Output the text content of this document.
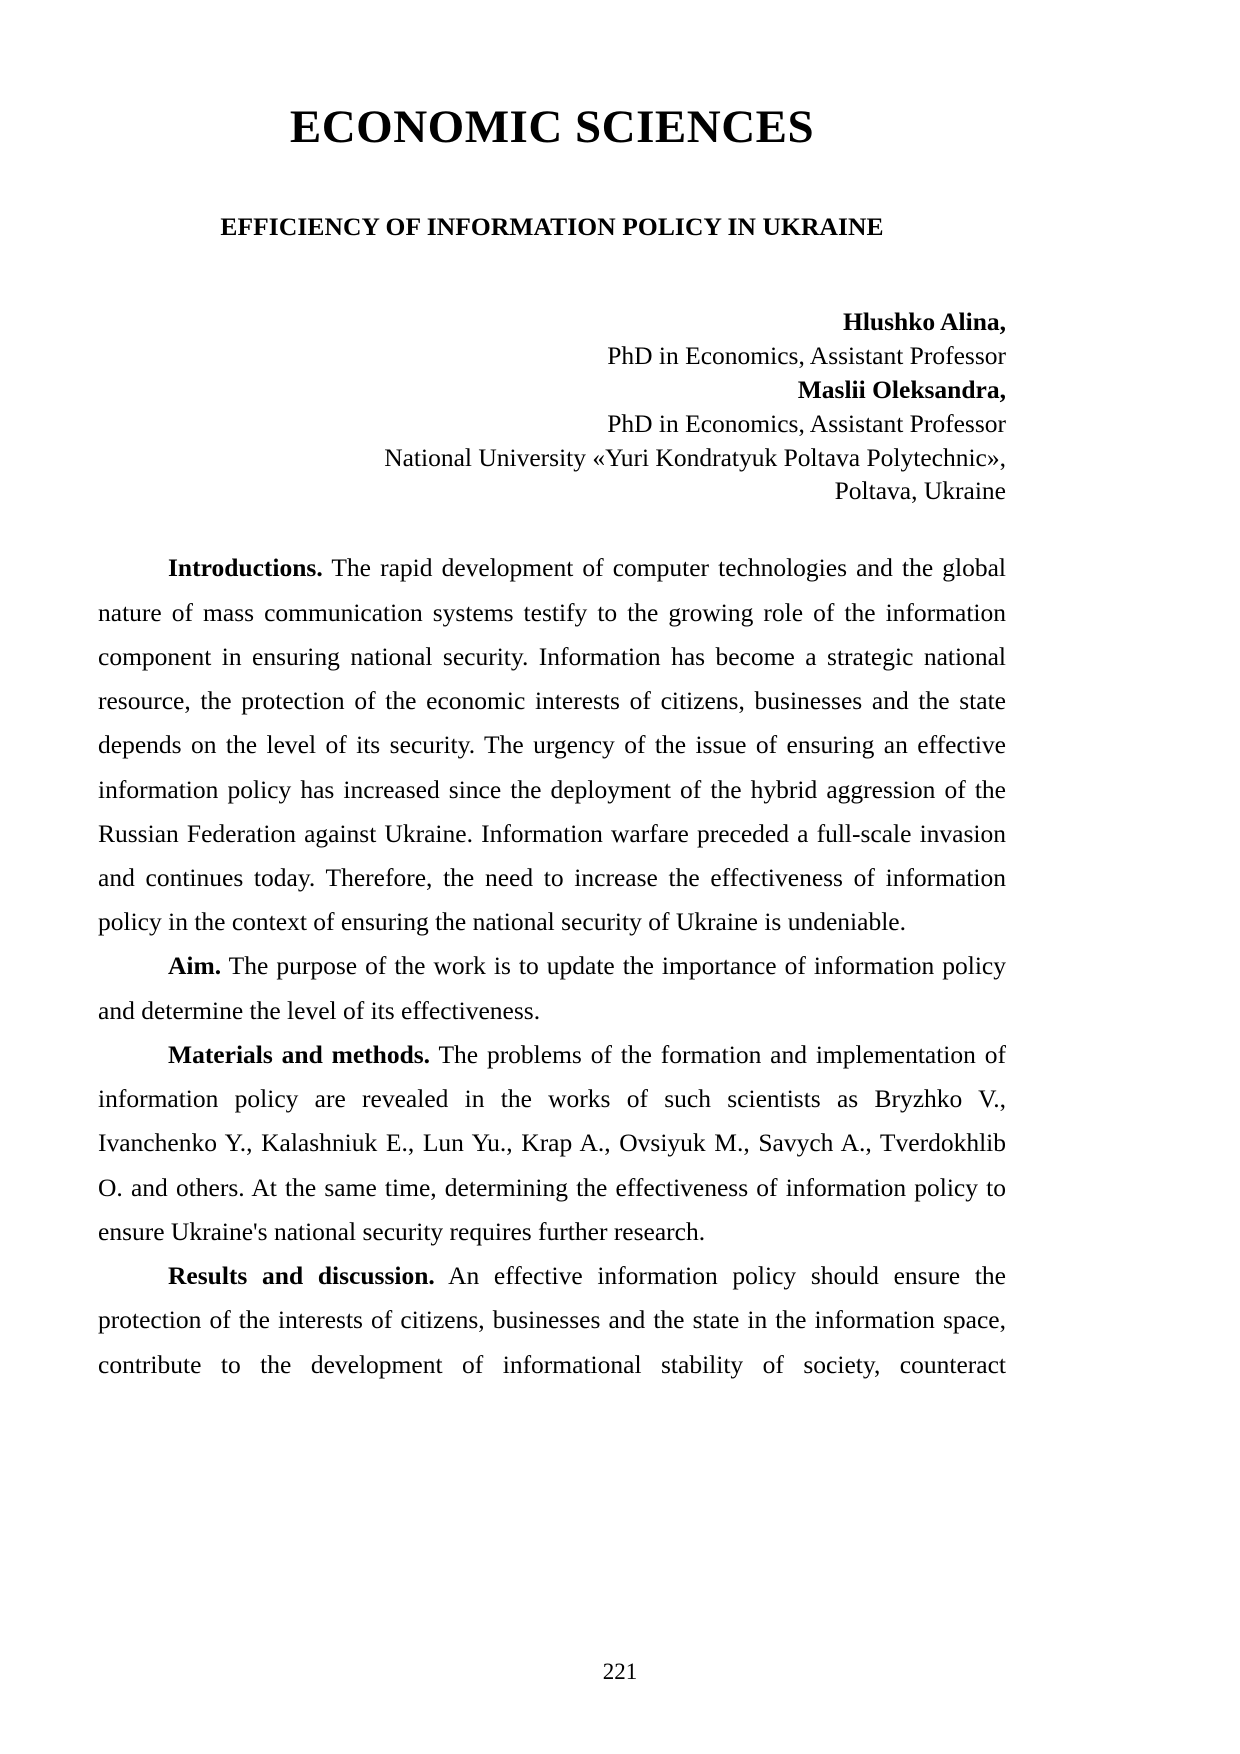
ECONOMIC SCIENCES
EFFICIENCY OF INFORMATION POLICY IN UKRAINE
Hlushko Alina,
PhD in Economics, Assistant Professor
Maslii Oleksandra,
PhD in Economics, Assistant Professor
National University «Yuri Kondratyuk Poltava Polytechnic»,
Poltava, Ukraine

Introductions. The rapid development of computer technologies and the global nature of mass communication systems testify to the growing role of the information component in ensuring national security. Information has become a strategic national resource, the protection of the economic interests of citizens, businesses and the state depends on the level of its security. The urgency of the issue of ensuring an effective information policy has increased since the deployment of the hybrid aggression of the Russian Federation against Ukraine. Information warfare preceded a full-scale invasion and continues today. Therefore, the need to increase the effectiveness of information policy in the context of ensuring the national security of Ukraine is undeniable.

Aim. The purpose of the work is to update the importance of information policy and determine the level of its effectiveness.

Materials and methods. The problems of the formation and implementation of information policy are revealed in the works of such scientists as Bryzhko V., Ivanchenko Y., Kalashniuk E., Lun Yu., Krap A., Ovsiyuk M., Savych A., Tverdokhlib O. and others. At the same time, determining the effectiveness of information policy to ensure Ukraine's national security requires further research.

Results and discussion. An effective information policy should ensure the protection of the interests of citizens, businesses and the state in the information space, contribute to the development of informational stability of society, counteract

221
